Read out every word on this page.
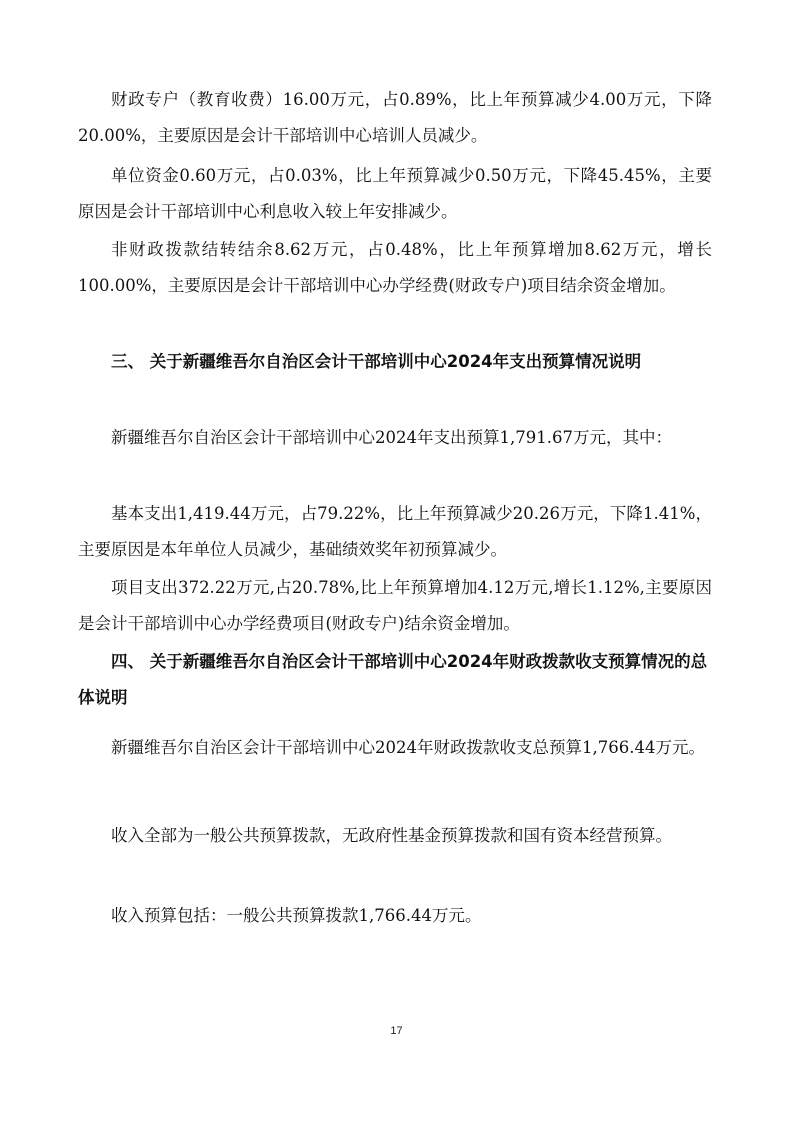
财政专户（教育收费）16.00万元，占0.89%，比上年预算减少4.00万元，下降20.00%，主要原因是会计干部培训中心培训人员减少。

单位资金0.60万元，占0.03%，比上年预算减少0.50万元，下降45.45%，主要原因是会计干部培训中心利息收入较上年安排减少。

非财政拨款结转结余8.62万元，占0.48%，比上年预算增加8.62万元，增长100.00%，主要原因是会计干部培训中心办学经费(财政专户)项目结余资金增加。

三、 关于新疆维吾尔自治区会计干部培训中心2024年支出预算情况说明

新疆维吾尔自治区会计干部培训中心2024年支出预算1,791.67万元，其中：

基本支出1,419.44万元，占79.22%，比上年预算减少20.26万元，下降1.41%，主要原因是本年单位人员减少，基础绩效奖年初预算减少。

项目支出372.22万元,占20.78%,比上年预算增加4.12万元,增长1.12%,主要原因是会计干部培训中心办学经费项目(财政专户)结余资金增加。

四、 关于新疆维吾尔自治区会计干部培训中心2024年财政拨款收支预算情况的总体说明

新疆维吾尔自治区会计干部培训中心2024年财政拨款收支总预算1,766.44万元。

收入全部为一般公共预算拨款，无政府性基金预算拨款和国有资本经营预算。

收入预算包括：一般公共预算拨款1,766.44万元。

17
